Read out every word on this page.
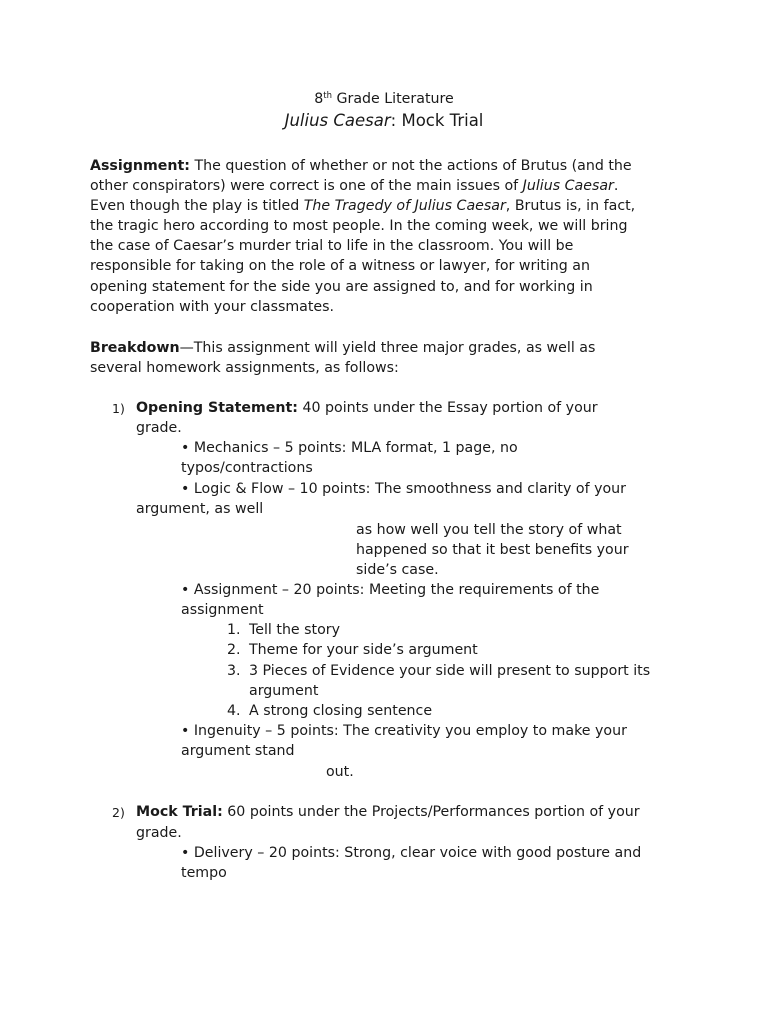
8th Grade Literature
Julius Caesar: Mock Trial
Assignment: The question of whether or not the actions of Brutus (and the
other conspirators) were correct is one of the main issues of Julius Caesar.
Even though the play is titled The Tragedy of Julius Caesar, Brutus is, in fact,
the tragic hero according to most people. In the coming week, we will bring
the case of Caesar’s murder trial to life in the classroom. You will be
responsible for taking on the role of a witness or lawyer, for writing an
opening statement for the side you are assigned to, and for working in
cooperation with your classmates.
Breakdown—This assignment will yield three major grades, as well as
several homework assignments, as follows:
1) Opening Statement: 40 points under the Essay portion of your
grade.
• Mechanics – 5 points: MLA format, 1 page, no
typos/contractions
• Logic & Flow – 10 points: The smoothness and clarity of your
argument, as well
as how well you tell the story of what
happened so that it best benefits your
side’s case.
• Assignment – 20 points: Meeting the requirements of the
assignment
1. Tell the story
2. Theme for your side’s argument
3. 3 Pieces of Evidence your side will present to support its
argument
4. A strong closing sentence
• Ingenuity – 5 points: The creativity you employ to make your
argument stand
out.
2) Mock Trial: 60 points under the Projects/Performances portion of your
grade.
• Delivery – 20 points: Strong, clear voice with good posture and
tempo
